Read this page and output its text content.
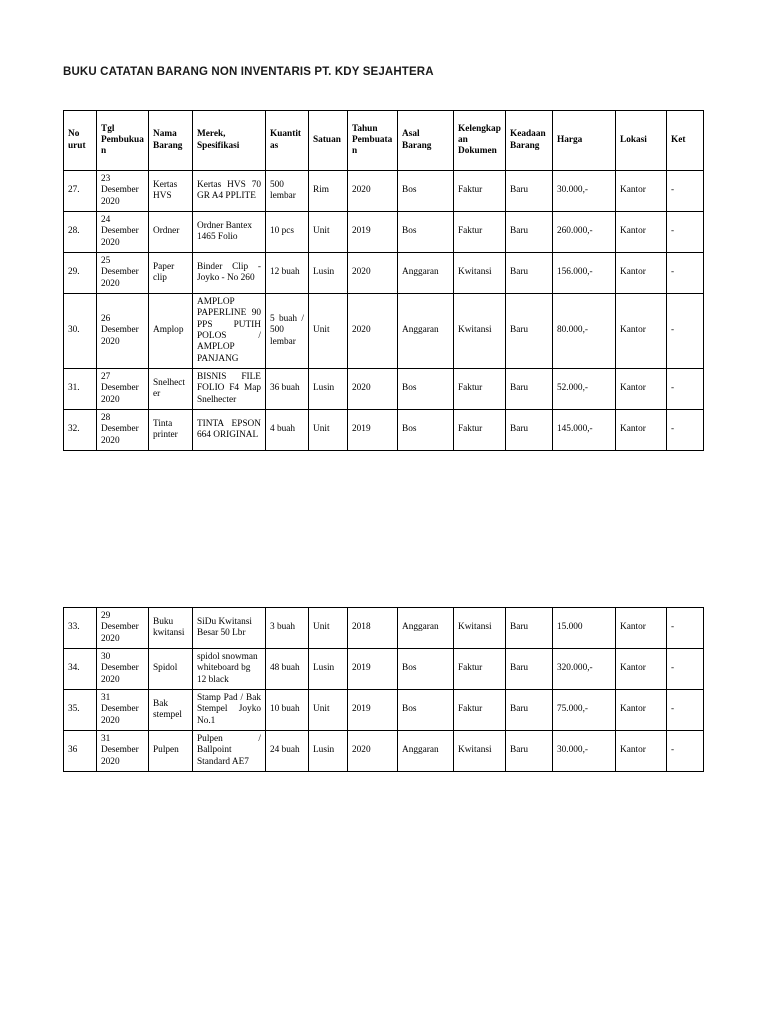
BUKU CATATAN BARANG NON INVENTARIS PT. KDY SEJAHTERA
No urut	Tgl Pembukuan	Nama Barang	Merek, Spesifikasi	Kuantitas	Satuan	Tahun Pembuatan	Asal Barang	Kelengkapan Dokumen	Keadaan Barang	Harga	Lokasi	Ket
27.	23 Desember 2020	Kertas HVS	Kertas HVS 70 GR A4 PPLITE	500 lembar	Rim	2020	Bos	Faktur	Baru	30.000,-	Kantor	-
28.	24 Desember 2020	Ordner	Ordner Bantex 1465 Folio	10 pcs	Unit	2019	Bos	Faktur	Baru	260.000,-	Kantor	-
29.	25 Desember 2020	Paper clip	Binder Clip - Joyko - No 260	12 buah	Lusin	2020	Anggaran	Kwitansi	Baru	156.000,-	Kantor	-
30.	26 Desember 2020	Amplop	AMPLOP PAPERLINE 90 PPS PUTIH POLOS / AMPLOP PANJANG	5 buah / 500 lembar	Unit	2020	Anggaran	Kwitansi	Baru	80.000,-	Kantor	-
31.	27 Desember 2020	Snelhecter	BISNIS FILE FOLIO F4 Map Snelhecter	36 buah	Lusin	2020	Bos	Faktur	Baru	52.000,-	Kantor	-
32.	28 Desember 2020	Tinta printer	TINTA EPSON 664 ORIGINAL	4 buah	Unit	2019	Bos	Faktur	Baru	145.000,-	Kantor	-
33.	29 Desember 2020	Buku kwitansi	SiDu Kwitansi Besar 50 Lbr	3 buah	Unit	2018	Anggaran	Kwitansi	Baru	15.000	Kantor	-
34.	30 Desember 2020	Spidol	spidol snowman whiteboard bg 12 black	48 buah	Lusin	2019	Bos	Faktur	Baru	320.000,-	Kantor	-
35.	31 Desember 2020	Bak stempel	Stamp Pad / Bak Stempel Joyko No.1	10 buah	Unit	2019	Bos	Faktur	Baru	75.000,-	Kantor	-
36	31 Desember 2020	Pulpen	Pulpen / Ballpoint Standard AE7	24 buah	Lusin	2020	Anggaran	Kwitansi	Baru	30.000,-	Kantor	-
